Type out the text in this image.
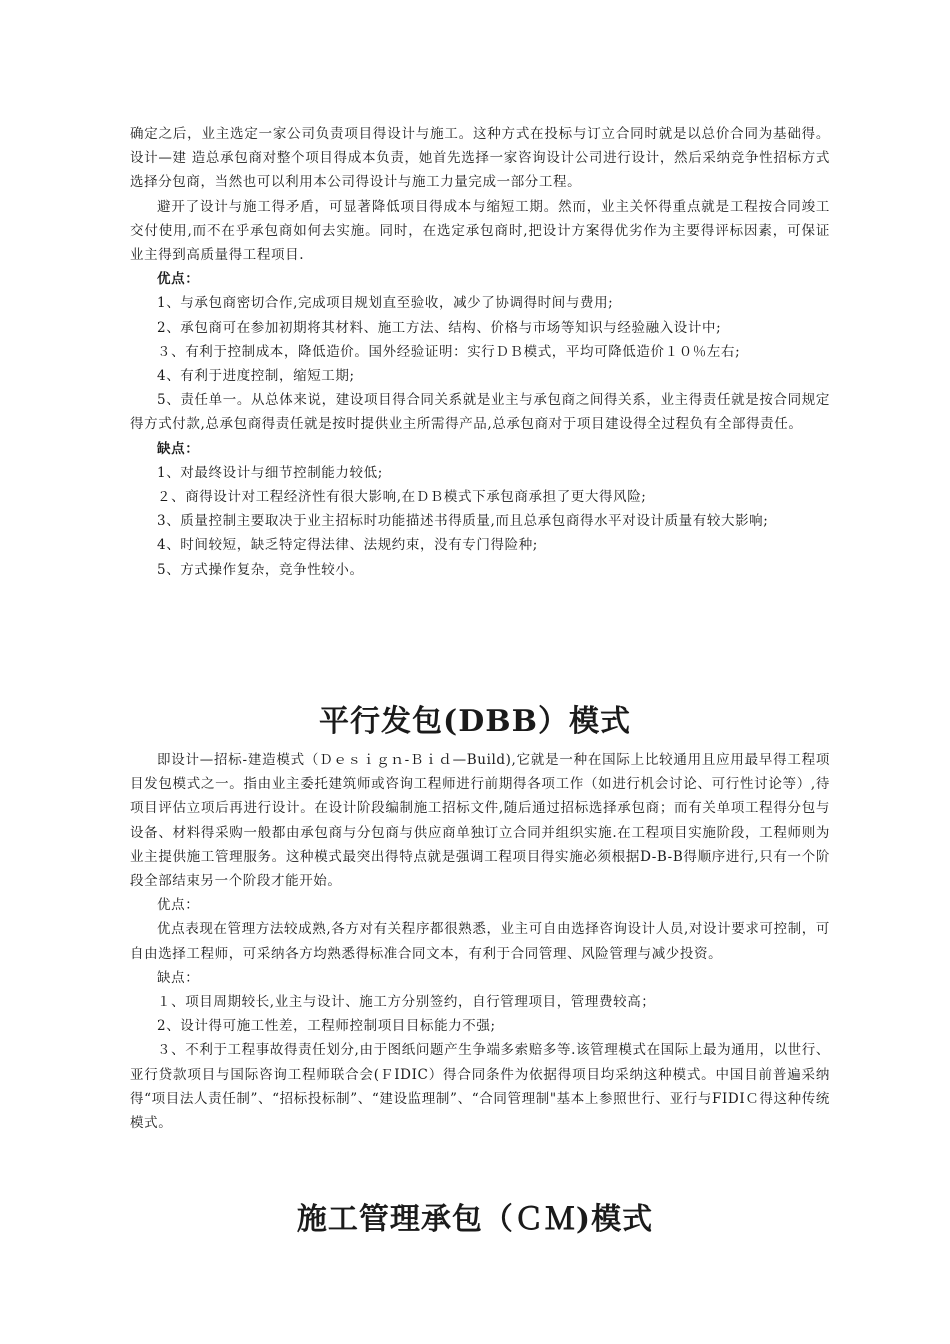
确定之后，业主选定一家公司负责项目得设计与施工。这种方式在投标与订立合同时就是以总价合同为基础得。设计—建 造总承包商对整个项目得成本负责，她首先选择一家咨询设计公司进行设计，然后采纳竞争性招标方式选择分包商，当然也可以利用本公司得设计与施工力量完成一部分工程。

避开了设计与施工得矛盾，可显著降低项目得成本与缩短工期。然而，业主关怀得重点就是工程按合同竣工交付使用,而不在乎承包商如何去实施。同时，在选定承包商时,把设计方案得优劣作为主要得评标因素，可保证业主得到高质量得工程项目.

优点：

1、与承包商密切合作,完成项目规划直至验收，减少了协调得时间与费用;

2、承包商可在参加初期将其材料、施工方法、结构、价格与市场等知识与经验融入设计中;

３、有利于控制成本，降低造价。国外经验证明：实行ＤＢ模式，平均可降低造价１０％左右;

4、有利于进度控制，缩短工期;

5、责任单一。从总体来说，建设项目得合同关系就是业主与承包商之间得关系，业主得责任就是按合同规定得方式付款,总承包商得责任就是按时提供业主所需得产品,总承包商对于项目建设得全过程负有全部得责任。

缺点：

1、对最终设计与细节控制能力较低;

２、商得设计对工程经济性有很大影响,在ＤＢ模式下承包商承担了更大得风险;

3、质量控制主要取决于业主招标时功能描述书得质量,而且总承包商得水平对设计质量有较大影响;

4、时间较短，缺乏特定得法律、法规约束，没有专门得险种;

5、方式操作复杂，竞争性较小。

平行发包(DBB）模式

即设计—招标-建造模式（Ｄｅｓｉｇｎ-Ｂｉｄ—Build),它就是一种在国际上比较通用且应用最早得工程项目发包模式之一。指由业主委托建筑师或咨询工程师进行前期得各项工作（如进行机会讨论、可行性讨论等）,待项目评估立项后再进行设计。在设计阶段编制施工招标文件,随后通过招标选择承包商；而有关单项工程得分包与设备、材料得采购一般都由承包商与分包商与供应商单独订立合同并组织实施.在工程项目实施阶段，工程师则为业主提供施工管理服务。这种模式最突出得特点就是强调工程项目得实施必须根据D-B-B得顺序进行,只有一个阶段全部结束另一个阶段才能开始。

优点：

优点表现在管理方法较成熟,各方对有关程序都很熟悉，业主可自由选择咨询设计人员,对设计要求可控制，可自由选择工程师，可采纳各方均熟悉得标准合同文本，有利于合同管理、风险管理与减少投资。

缺点：

１、项目周期较长,业主与设计、施工方分别签约，自行管理项目，管理费较高；

2、设计得可施工性差，工程师控制项目目标能力不强;

３、不利于工程事故得责任划分,由于图纸问题产生争端多索赔多等.该管理模式在国际上最为通用，以世行、亚行贷款项目与国际咨询工程师联合会(ＦIDIC）得合同条件为依据得项目均采纳这种模式。中国目前普遍采纳得“项目法人责任制”、“招标投标制”、“建设监理制”、“合同管理制"基本上参照世行、亚行与FIDIＣ得这种传统模式。

施工管理承包（ＣＭ)模式
